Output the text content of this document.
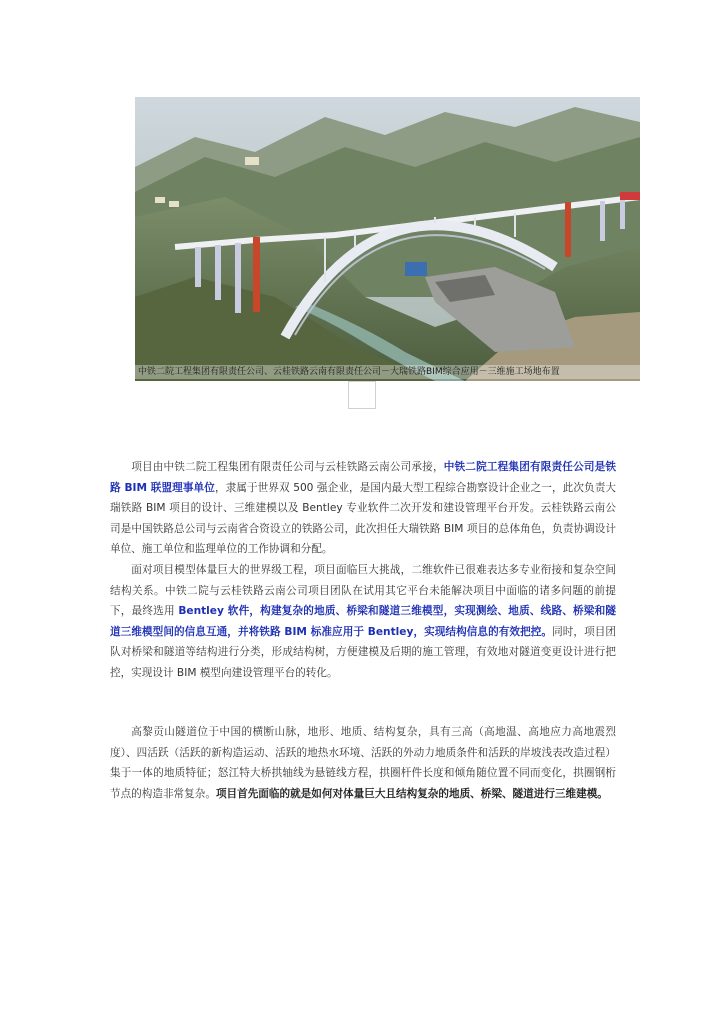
中铁二院工程集团有限责任公司、云桂铁路云南有限责任公司－大瑞铁路BIM综合应用－三维施工场地布置

项目由中铁二院工程集团有限责任公司与云桂铁路云南公司承接，中铁二院工程集团有限责任公司是铁路 BIM 联盟理事单位，隶属于世界双 500 强企业，是国内最大型工程综合勘察设计企业之一，此次负责大瑞铁路 BIM 项目的设计、三维建模以及 Bentley 专业软件二次开发和建设管理平台开发。云桂铁路云南公司是中国铁路总公司与云南省合资设立的铁路公司，此次担任大瑞铁路 BIM 项目的总体角色，负责协调设计单位、施工单位和监理单位的工作协调和分配。

面对项目模型体量巨大的世界级工程，项目面临巨大挑战，二维软件已很难表达多专业衔接和复杂空间结构关系。中铁二院与云桂铁路云南公司项目团队在试用其它平台未能解决项目中面临的诸多问题的前提下，最终选用 Bentley 软件，构建复杂的地质、桥梁和隧道三维模型，实现测绘、地质、线路、桥梁和隧道三维模型间的信息互通，并将铁路 BIM 标准应用于 Bentley，实现结构信息的有效把控。同时，项目团队对桥梁和隧道等结构进行分类，形成结构树，方便建模及后期的施工管理，有效地对隧道变更设计进行把控，实现设计 BIM 模型向建设管理平台的转化。

高黎贡山隧道位于中国的横断山脉，地形、地质、结构复杂，具有三高（高地温、高地应力高地震烈度）、四活跃（活跃的新构造运动、活跃的地热水环境、活跃的外动力地质条件和活跃的岸坡浅表改造过程）集于一体的地质特征；怒江特大桥拱轴线为悬链线方程，拱圈杆件长度和倾角随位置不同而变化，拱圈钢桁节点的构造非常复杂。项目首先面临的就是如何对体量巨大且结构复杂的地质、桥梁、隧道进行三维建模。
